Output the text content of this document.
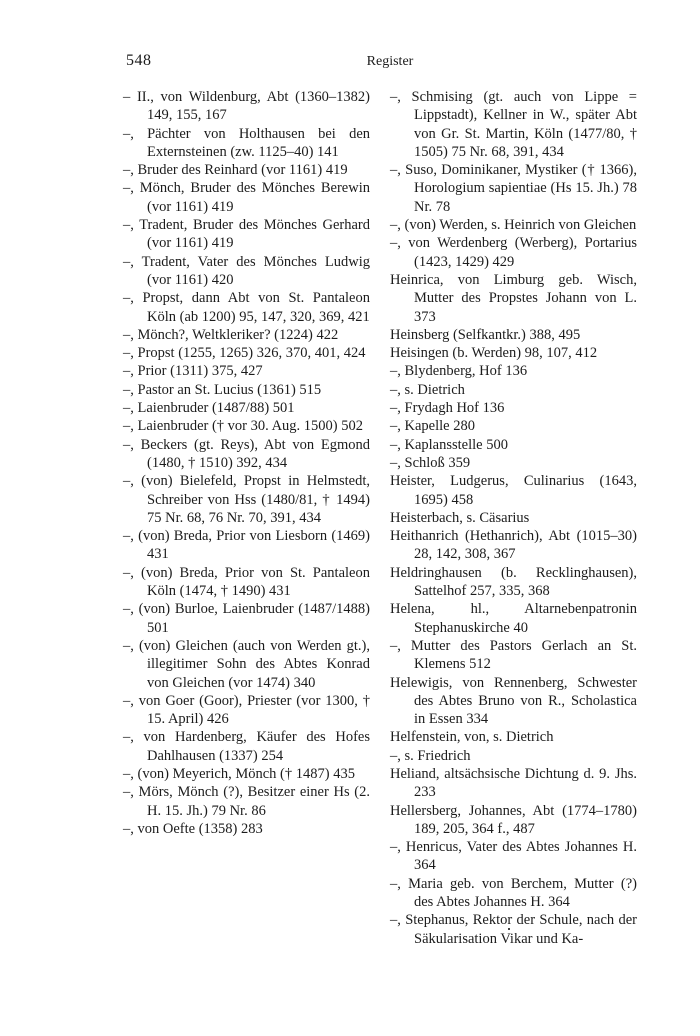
548	Register

– II., von Wildenburg, Abt (1360–1382) 149, 155, 167

–, Pächter von Holthausen bei den Externsteinen (zw. 1125–40) 141

–, Bruder des Reinhard (vor 1161) 419

–, Mönch, Bruder des Mönches Berewin (vor 1161) 419

–, Tradent, Bruder des Mönches Gerhard (vor 1161) 419

–, Tradent, Vater des Mönches Ludwig (vor 1161) 420

–, Propst, dann Abt von St. Pantaleon Köln (ab 1200) 95, 147, 320, 369, 421

–, Mönch?, Weltkleriker? (1224) 422

–, Propst (1255, 1265) 326, 370, 401, 424

–, Prior (1311) 375, 427

–, Pastor an St. Lucius (1361) 515

–, Laienbruder (1487/88) 501

–, Laienbruder († vor 30. Aug. 1500) 502

–, Beckers (gt. Reys), Abt von Egmond (1480, † 1510) 392, 434

–, (von) Bielefeld, Propst in Helmstedt, Schreiber von Hss (1480/81, † 1494) 75 Nr. 68, 76 Nr. 70, 391, 434

–, (von) Breda, Prior von Liesborn (1469) 431

–, (von) Breda, Prior von St. Pantaleon Köln (1474, † 1490) 431

–, (von) Burloe, Laienbruder (1487/1488) 501

–, (von) Gleichen (auch von Werden gt.), illegitimer Sohn des Abtes Konrad von Gleichen (vor 1474) 340

–, von Goer (Goor), Priester (vor 1300, † 15. April) 426

–, von Hardenberg, Käufer des Hofes Dahlhausen (1337) 254

–, (von) Meyerich, Mönch († 1487) 435

–, Mörs, Mönch (?), Besitzer einer Hs (2. H. 15. Jh.) 79 Nr. 86

–, von Oefte (1358) 283

–, Schmising (gt. auch von Lippe = Lippstadt), Kellner in W., später Abt von Gr. St. Martin, Köln (1477/80, † 1505) 75 Nr. 68, 391, 434

–, Suso, Dominikaner, Mystiker († 1366), Horologium sapientiae (Hs 15. Jh.) 78 Nr. 78

–, (von) Werden, s. Heinrich von Gleichen

–, von Werdenberg (Werberg), Portarius (1423, 1429) 429

Heinrica, von Limburg geb. Wisch, Mutter des Propstes Johann von L. 373

Heinsberg (Selfkantkr.) 388, 495

Heisingen (b. Werden) 98, 107, 412

–, Blydenberg, Hof 136

–, s. Dietrich

–, Frydagh Hof 136

–, Kapelle 280

–, Kaplansstelle 500

–, Schloß 359

Heister, Ludgerus, Culinarius (1643, 1695) 458

Heisterbach, s. Cäsarius

Heithanrich (Hethanrich), Abt (1015–30) 28, 142, 308, 367

Heldringhausen (b. Recklinghausen), Sattelhof 257, 335, 368

Helena, hl., Altarnebenpatronin Stephanuskirche 40

–, Mutter des Pastors Gerlach an St. Klemens 512

Helewigis, von Rennenberg, Schwester des Abtes Bruno von R., Scholastica in Essen 334

Helfenstein, von, s. Dietrich

–, s. Friedrich

Heliand, altsächsische Dichtung d. 9. Jhs. 233

Hellersberg, Johannes, Abt (1774–1780) 189, 205, 364 f., 487

–, Henricus, Vater des Abtes Johannes H. 364

–, Maria geb. von Berchem, Mutter (?) des Abtes Johannes H. 364

–, Stephanus, Rektor der Schule, nach der Säkularisation Vikar und Ka-
